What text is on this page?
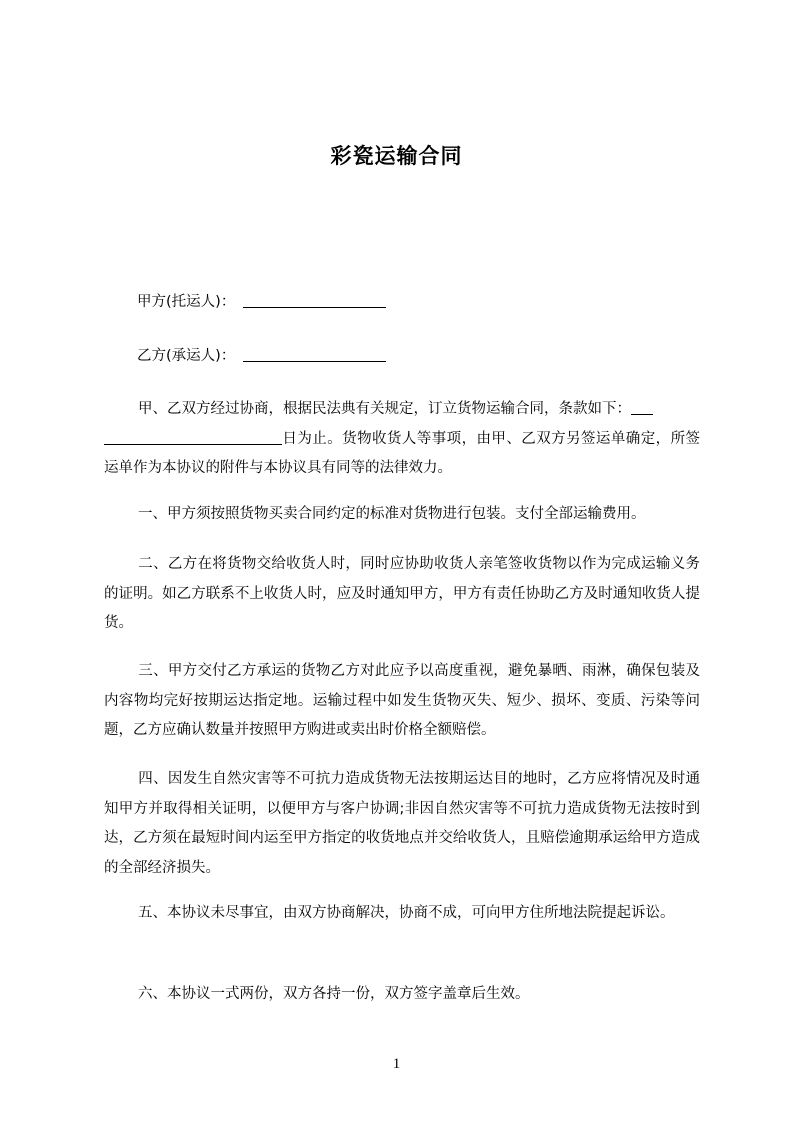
彩瓷运输合同
甲方(托运人)：
乙方(承运人)：
甲、乙双方经过协商，根据民法典有关规定，订立货物运输合同，条款如下：
日为止。货物收货人等事项，由甲、乙双方另签运单确定，所签运单作为本协议的附件与本协议具有同等的法律效力。
一、甲方须按照货物买卖合同约定的标准对货物进行包装。支付全部运输费用。
二、乙方在将货物交给收货人时，同时应协助收货人亲笔签收货物以作为完成运输义务的证明。如乙方联系不上收货人时，应及时通知甲方，甲方有责任协助乙方及时通知收货人提货。
三、甲方交付乙方承运的货物乙方对此应予以高度重视，避免暴晒、雨淋，确保包装及内容物均完好按期运达指定地。运输过程中如发生货物灭失、短少、损坏、变质、污染等问题，乙方应确认数量并按照甲方购进或卖出时价格全额赔偿。
四、因发生自然灾害等不可抗力造成货物无法按期运达目的地时，乙方应将情况及时通知甲方并取得相关证明，以便甲方与客户协调;非因自然灾害等不可抗力造成货物无法按时到达，乙方须在最短时间内运至甲方指定的收货地点并交给收货人，且赔偿逾期承运给甲方造成的全部经济损失。
五、本协议未尽事宜，由双方协商解决，协商不成，可向甲方住所地法院提起诉讼。
六、本协议一式两份，双方各持一份，双方签字盖章后生效。
1
